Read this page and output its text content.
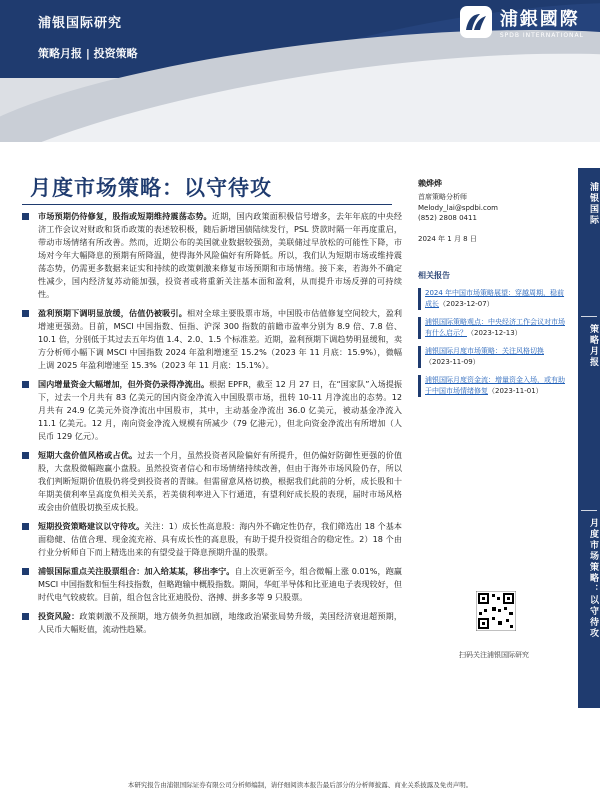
浦银国际研究
策略月报 | 投资策略
浦銀國際
SPDB INTERNATIONAL
月度市场策略：以守待攻
市场预期仍待修复，股指或短期维持震荡态势。近期，国内政策面积极信号增多，去年年底的中央经济工作会议对财政和货币政策的表述较积极，随后新增国债陆续发行，PSL 贷款时隔一年再度重启，带动市场情绪有所改善。然而，近期公布的美国就业数据较强劲，美联储过早放松的可能性下降，市场对今年大幅降息的预期有所降温，使得海外风险偏好有所降低。所以，我们认为短期市场或维持震荡态势，仍需更多数据来证实和持续的政策刺激来修复市场预期和市场情绪。接下来，若海外不确定性减少，国内经济复苏动能加强，投资者或将重新关注基本面和盈利，从而提升市场反弹的可持续性。
盈利预期下调明显放缓，估值仍被吸引。相对全球主要股票市场，中国股市估值修复空间较大，盈利增速更强劲。目前，MSCI 中国指数、恒指、沪深 300 指数的前瞻市盈率分别为 8.9 倍、7.8 倍、10.1 倍，分别低于其过去五年均值 1.4、2.0、1.5 个标准差。近期，盈利预期下调趋势明显缓和，卖方分析师小幅下调 MSCI 中国指数 2024 年盈利增速至 15.2%（2023 年 11 月底：15.9%），微幅上调 2025 年盈利增速至 15.3%（2023 年 11 月底：15.1%）。
国内增量资金大幅增加，但外资仍录得净流出。根据 EPFR，截至 12 月 27 日，在“国家队”入场提振下，过去一个月共有 83 亿美元的国内资金净流入中国股票市场，扭转 10-11 月净流出的态势。12 月共有 24.9 亿美元外资净流出中国股市，其中，主动基金净流出 36.0 亿美元，被动基金净流入 11.1 亿美元。12 月，南向资金净流入规模有所减少（79 亿港元），但北向资金净流出有所增加（人民币 129 亿元）。
短期大盘价值风格或占优。过去一个月，虽然投资者风险偏好有所提升，但仍偏好防御性更强的价值股，大盘股微幅跑赢小盘股。虽然投资者信心和市场情绪持续改善，但由于海外市场风险仍存，所以我们判断短期价值股仍将受到投资者的青睐。但需留意风格切换，根据我们此前的分析，成长股和十年期美债利率呈高度负相关关系，若美债利率进入下行通道，有望利好成长股的表现，届时市场风格或会由价值股切换至成长股。
短期投资策略建议以守待攻。关注：1）成长性高息股：海内外不确定性仍存，我们筛选出 18 个基本面稳健、估值合理、现金流充裕、具有成长性的高息股，有助于提升投资组合的稳定性。2）18 个由行业分析师自下而上精选出来的有望受益于降息预期升温的股票。
浦银国际重点关注股票组合：加入给某某，移出李宁。自上次更新至今，组合微幅上涨 0.01%，跑赢 MSCI 中国指数和恒生科技指数，但略跑输中概股指数。期间，华虹半导体和比亚迪电子表现较好，但时代电气较疲软。目前，组合包含比亚迪股份、洛搏、拼多多等 9 只股票。
投资风险：政策刺激不及预期，地方债务负担加剧，地缘政治紧张局势升级，美国经济衰退超预期，人民币大幅贬值，流动性趋紧。
赖烨烨
首席策略分析师
Melody_lai@spdbi.com
(852) 2808 0411
2024 年 1 月 8 日
相关报告
2024 年中国市场策略展望：穿越周期，稳前成长（2023-12-07）
浦银国际策略观点：中央经济工作会议对市场有什么启示？（2023-12-13）
浦银国际月度市场策略：关注风格切换（2023-11-09）
浦银国际月度资金流：增量资金入场，或有助于中国市场情绪修复（2023-11-01）
扫码关注浦银国际研究
浦银国际
策略月报
月度市场策略：以守待攻
本研究报告由浦银国际证券有限公司分析师编制，请仔细阅读本报告最后部分的分析师披露、商业关系披露及免责声明。
